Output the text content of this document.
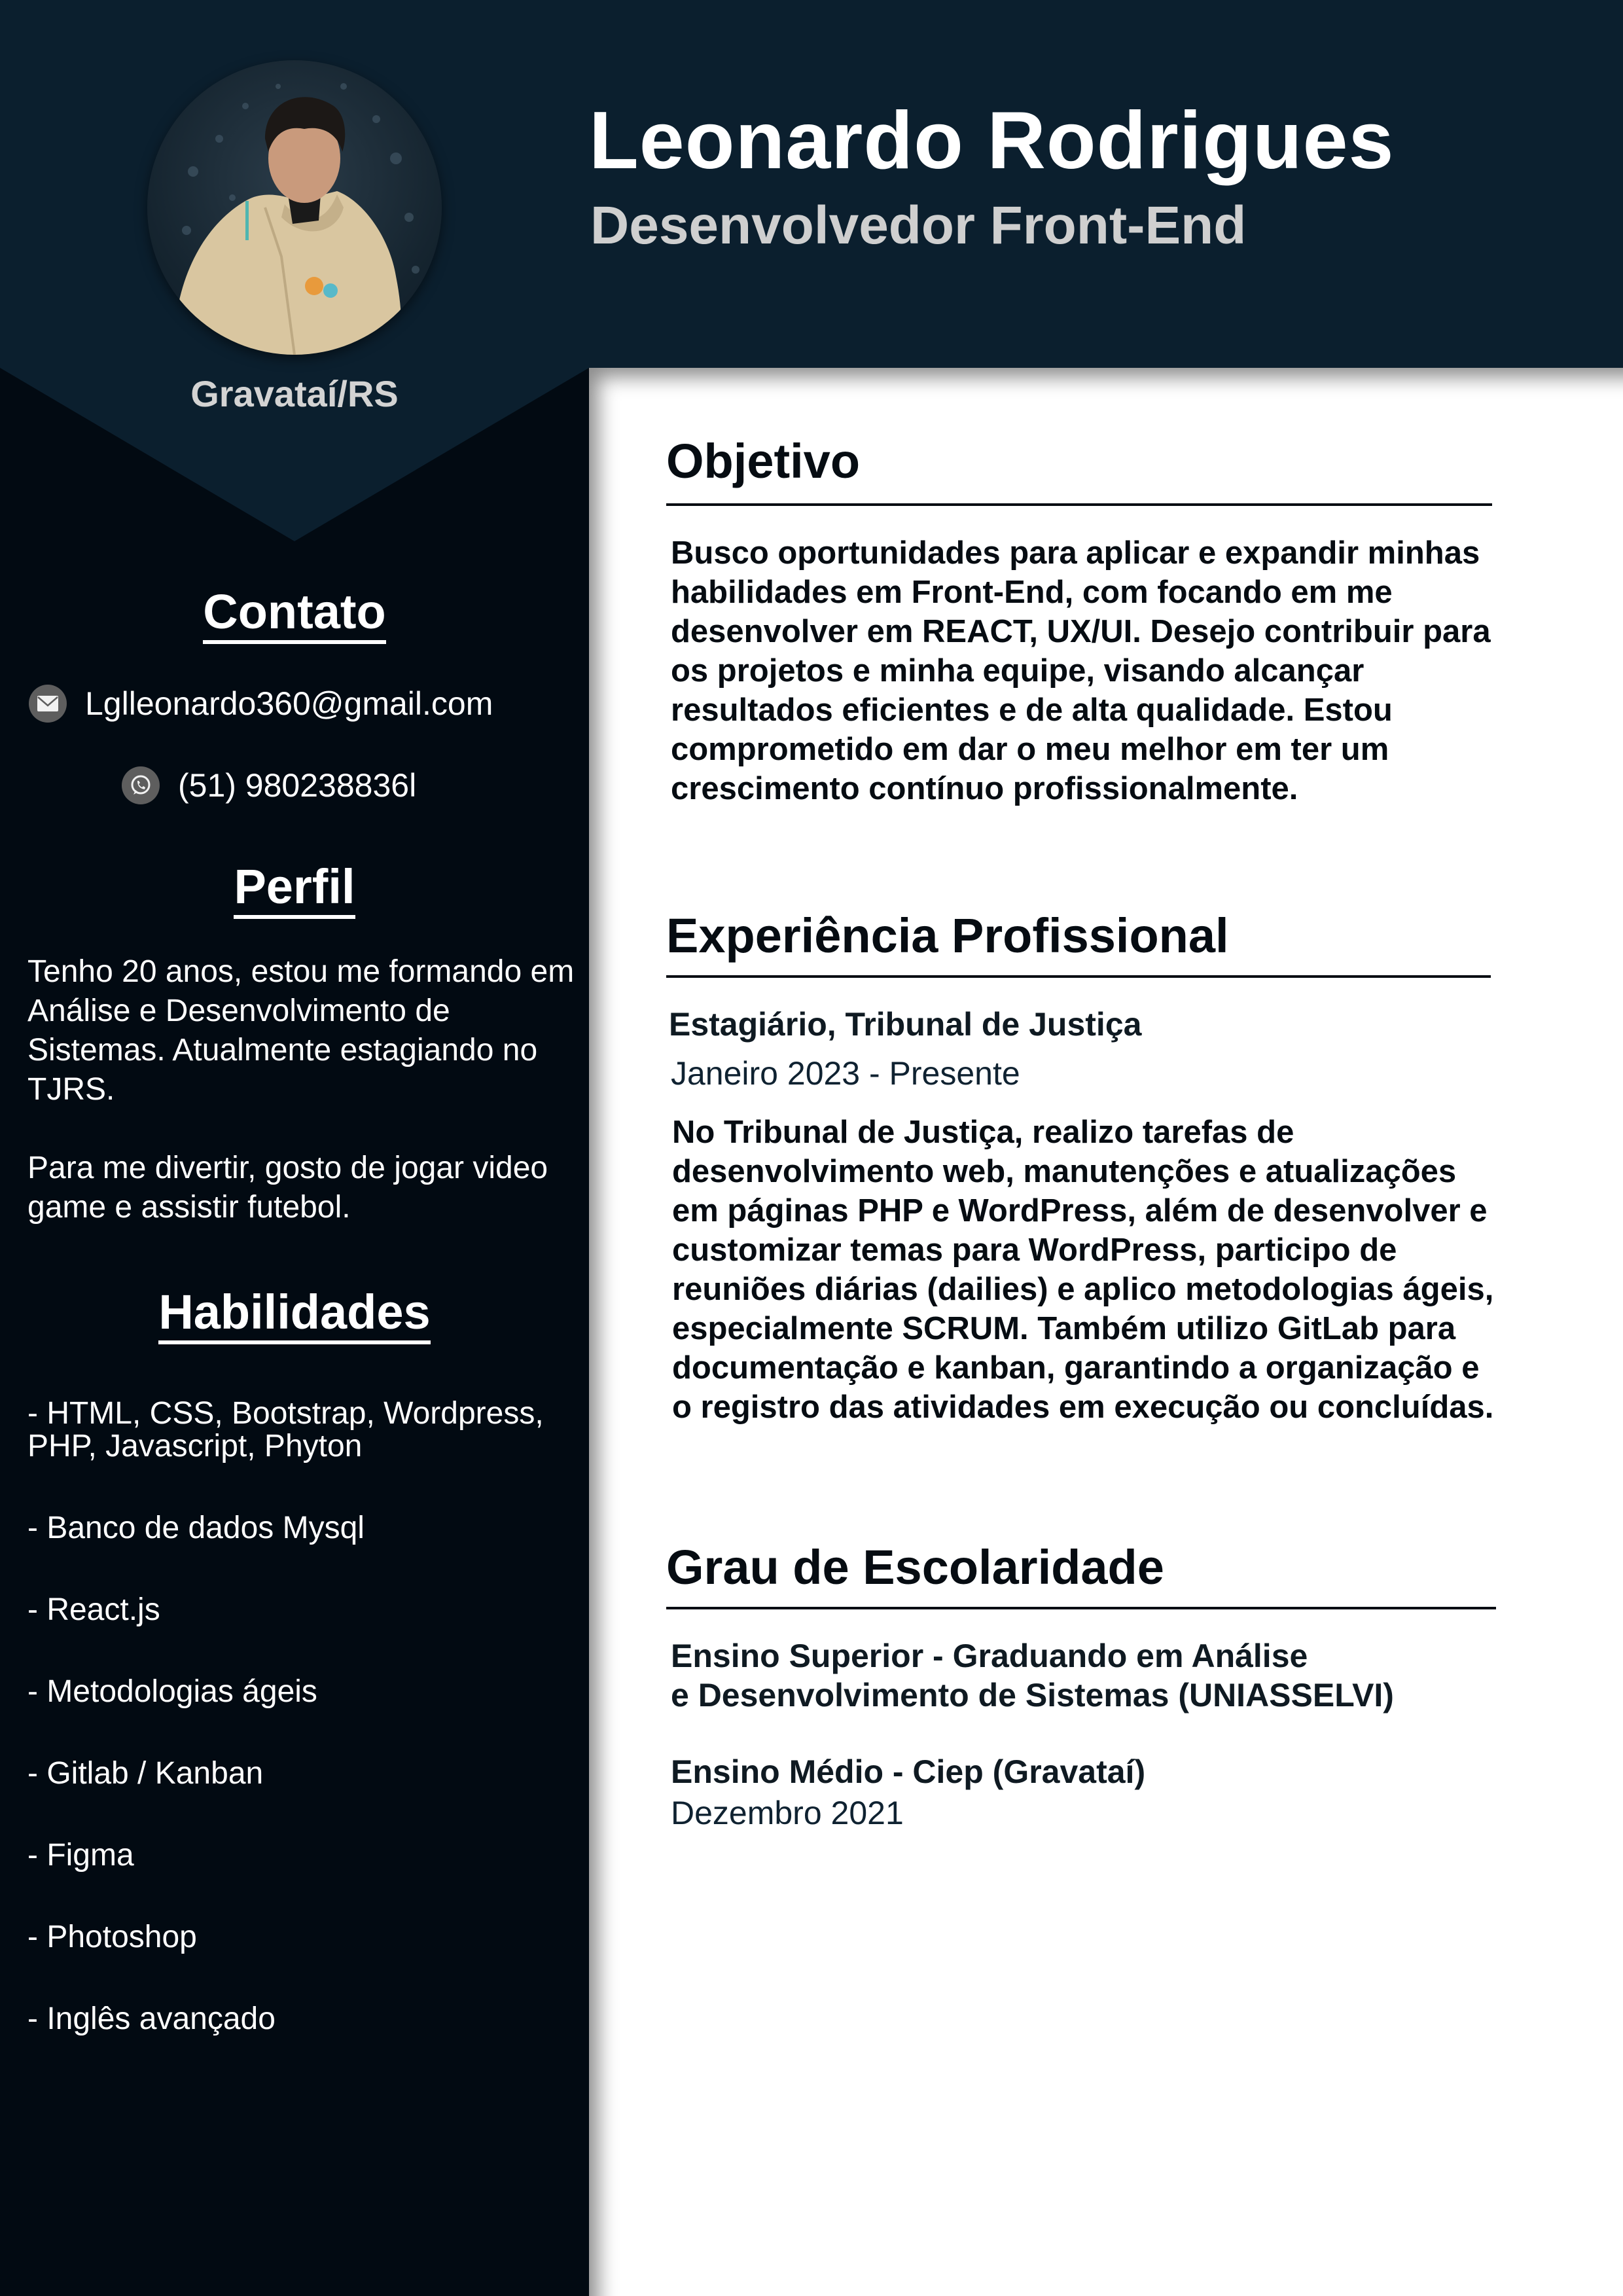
Gravataí/RS
Leonardo Rodrigues
Desenvolvedor Front-End
Contato
Lglleonardo360@gmail.com
(51) 980238836l
Perfil

Tenho 20 anos, estou me formando em Análise e Desenvolvimento de Sistemas. Atualmente estagiando no TJRS.

Para me divertir, gosto de jogar video game e assistir futebol.

Habilidades
- HTML, CSS, Bootstrap, Wordpress, PHP, Javascript, Phyton
- Banco de dados Mysql
- React.js
- Metodologias ágeis
- Gitlab / Kanban
- Figma
- Photoshop
- Inglês avançado
Objetivo
Busco oportunidades para aplicar e expandir minhas habilidades em Front-End, com focando em me desenvolver em REACT, UX/UI. Desejo contribuir para os projetos e minha equipe, visando alcançar resultados eficientes e de alta qualidade. Estou comprometido em dar o meu melhor em ter um crescimento contínuo profissionalmente.
Experiência Profissional
Estagiário, Tribunal de Justiça
Janeiro 2023 - Presente
No Tribunal de Justiça, realizo tarefas de desenvolvimento web, manutenções e atualizações em páginas PHP e WordPress, além de desenvolver e customizar temas para WordPress, participo de reuniões diárias (dailies) e aplico metodologias ágeis, especialmente SCRUM. Também utilizo GitLab para documentação e kanban, garantindo a organização e o registro das atividades em execução ou concluídas.
Grau de Escolaridade
Ensino Superior - Graduando em Análise
e Desenvolvimento de Sistemas (UNIASSELVI)
Ensino Médio - Ciep (Gravataí)
Dezembro 2021
